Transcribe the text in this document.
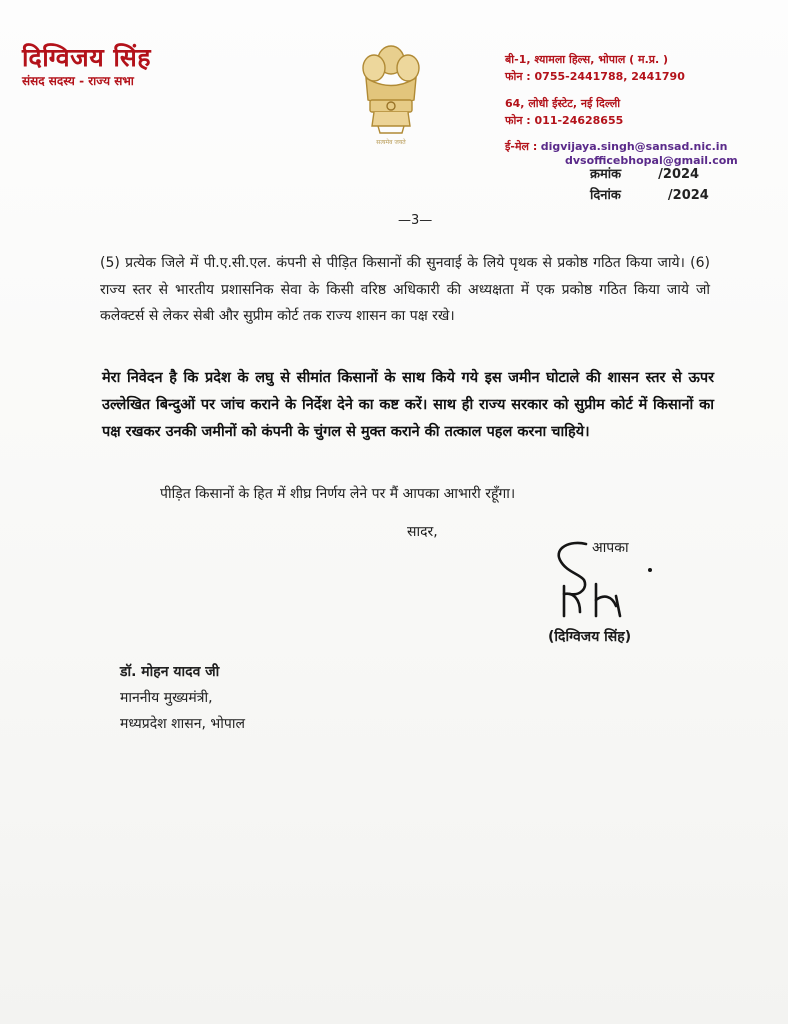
दिग्विजय सिंह
संसद सदस्य - राज्य सभा
सत्यमेव जयते
बी-1, श्यामला हिल्स, भोपाल ( म.प्र. )
फोन : 0755-2441788, 2441790
64, लोधी ईस्टेट, नई दिल्ली
फोन : 011-24628655
ई-मेल : digvijaya.singh@sansad.nic.in
dvsofficebhopal@gmail.com
क्रमांक	/2024
दिनांक	/2024
—3—
(5) प्रत्येक जिले में पी.ए.सी.एल. कंपनी से पीड़ित किसानों की सुनवाई के लिये पृथक से प्रकोष्ठ गठित किया जाये। (6) राज्य स्तर से भारतीय प्रशासनिक सेवा के किसी वरिष्ठ अधिकारी की अध्यक्षता में एक प्रकोष्ठ गठित किया जाये जो कलेक्टर्स से लेकर सेबी और सुप्रीम कोर्ट तक राज्य शासन का पक्ष रखे।
मेरा निवेदन है कि प्रदेश के लघु से सीमांत किसानों के साथ किये गये इस जमीन घोटाले की शासन स्तर से ऊपर उल्लेखित बिन्दुओं पर जांच कराने के निर्देश देने का कष्ट करें। साथ ही राज्य सरकार को सुप्रीम कोर्ट में किसानों का पक्ष रखकर उनकी जमीनों को कंपनी के चुंगल से मुक्त कराने की तत्काल पहल करना चाहिये।
पीड़ित किसानों के हित में शीघ्र निर्णय लेने पर मैं आपका आभारी रहूँगा।
सादर,
आपका
(दिग्विजय सिंह)
डॉ. मोहन यादव जी
माननीय मुख्यमंत्री,
मध्यप्रदेश शासन, भोपाल
